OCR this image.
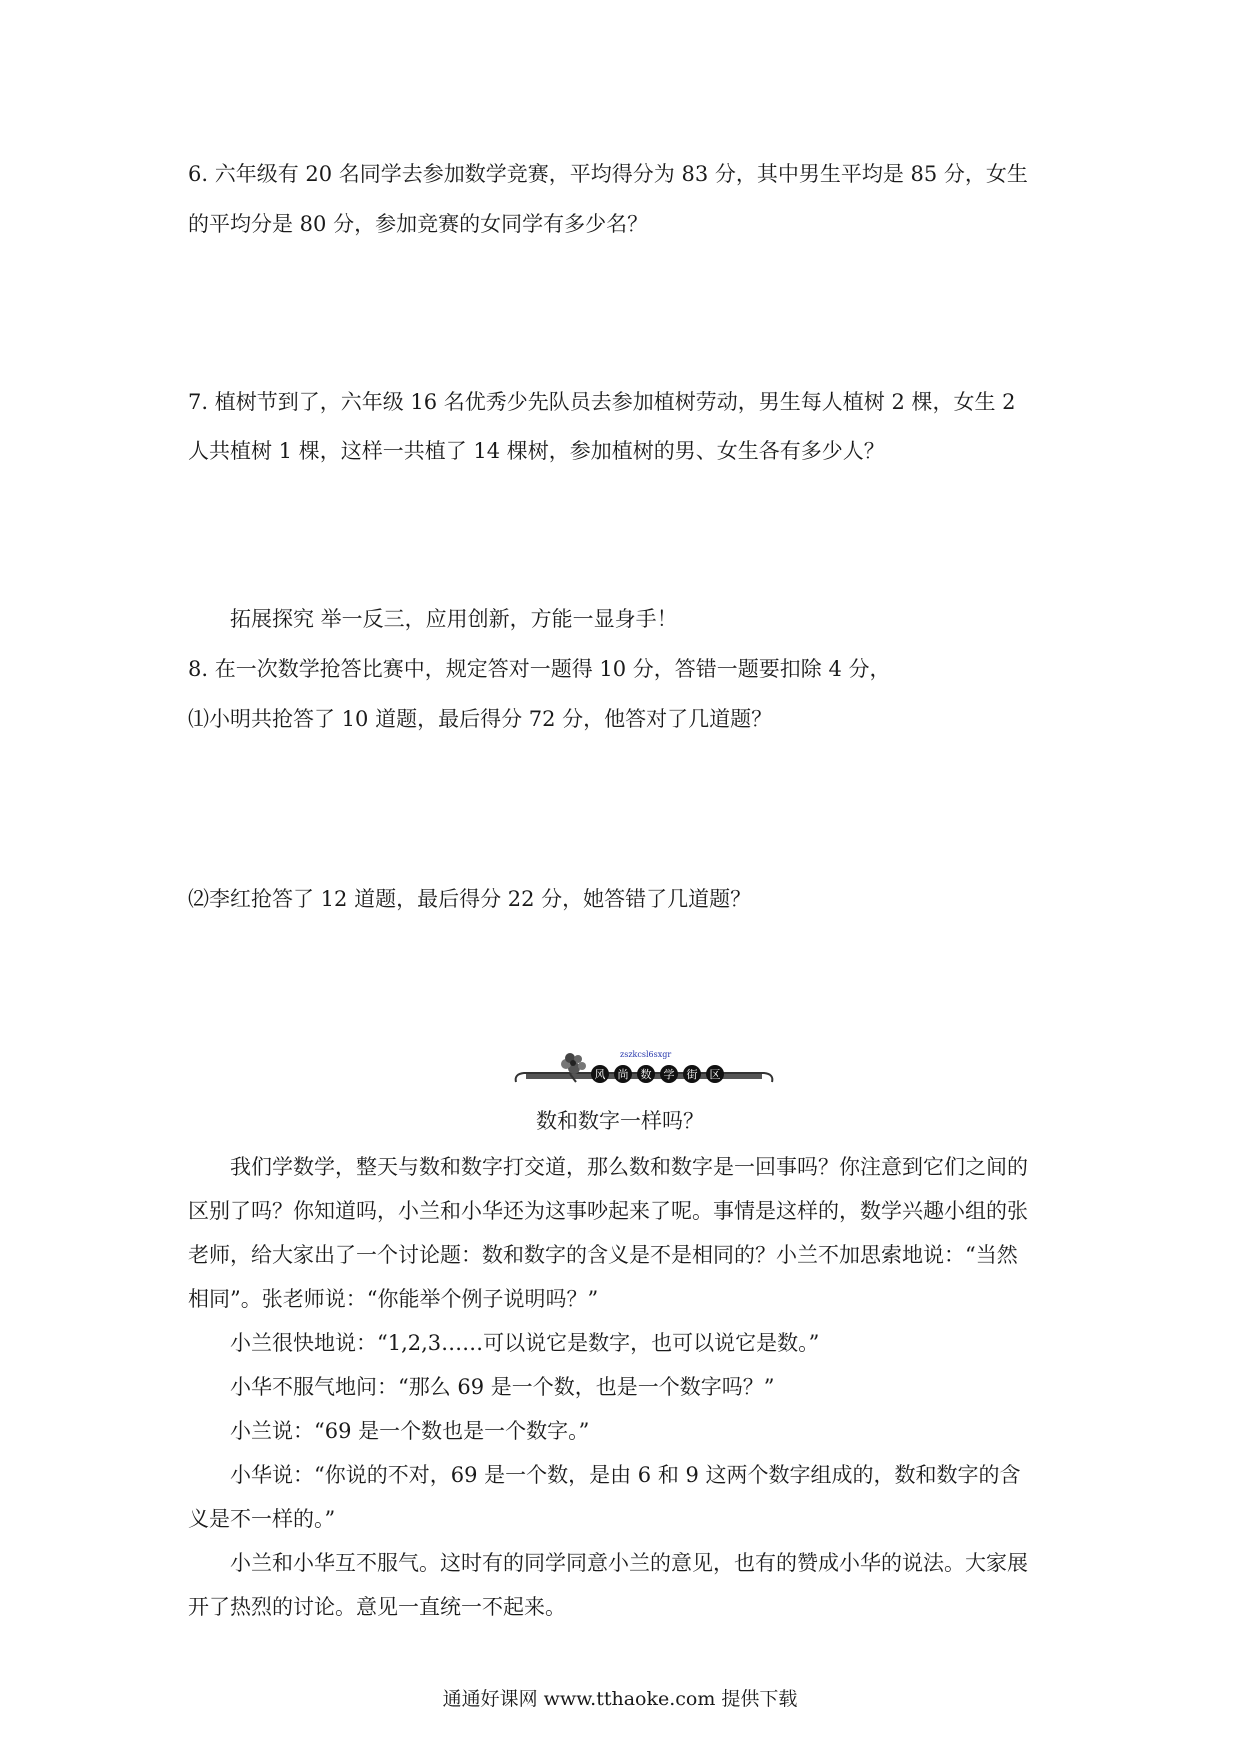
6. 六年级有 20 名同学去参加数学竞赛，平均得分为 83 分，其中男生平均是 85 分，女生
的平均分是 80 分，参加竞赛的女同学有多少名？
7. 植树节到了，六年级 16 名优秀少先队员去参加植树劳动，男生每人植树 2 棵，女生 2
人共植树 1 棵，这样一共植了 14 棵树，参加植树的男、女生各有多少人？
拓展探究 举一反三，应用创新，方能一显身手！
8. 在一次数学抢答比赛中，规定答对一题得 10 分，答错一题要扣除 4 分，
⑴小明共抢答了 10 道题，最后得分 72 分，他答对了几道题？
⑵李红抢答了 12 道题，最后得分 22 分，她答错了几道题？
风 尚 数 学 街 区
zszkcsl6sxgr
数和数字一样吗？
我们学数学，整天与数和数字打交道，那么数和数字是一回事吗？你注意到它们之间的
区别了吗？你知道吗，小兰和小华还为这事吵起来了呢。事情是这样的，数学兴趣小组的张
老师，给大家出了一个讨论题：数和数字的含义是不是相同的？小兰不加思索地说：“当然
相同”。张老师说：“你能举个例子说明吗？”
小兰很快地说：“1,2,3……可以说它是数字，也可以说它是数。”
小华不服气地问：“那么 69 是一个数，也是一个数字吗？”
小兰说：“69 是一个数也是一个数字。”
小华说：“你说的不对，69 是一个数，是由 6 和 9 这两个数字组成的，数和数字的含
义是不一样的。”
小兰和小华互不服气。这时有的同学同意小兰的意见，也有的赞成小华的说法。大家展
开了热烈的讨论。意见一直统一不起来。
通通好课网 www.tthaoke.com 提供下载
